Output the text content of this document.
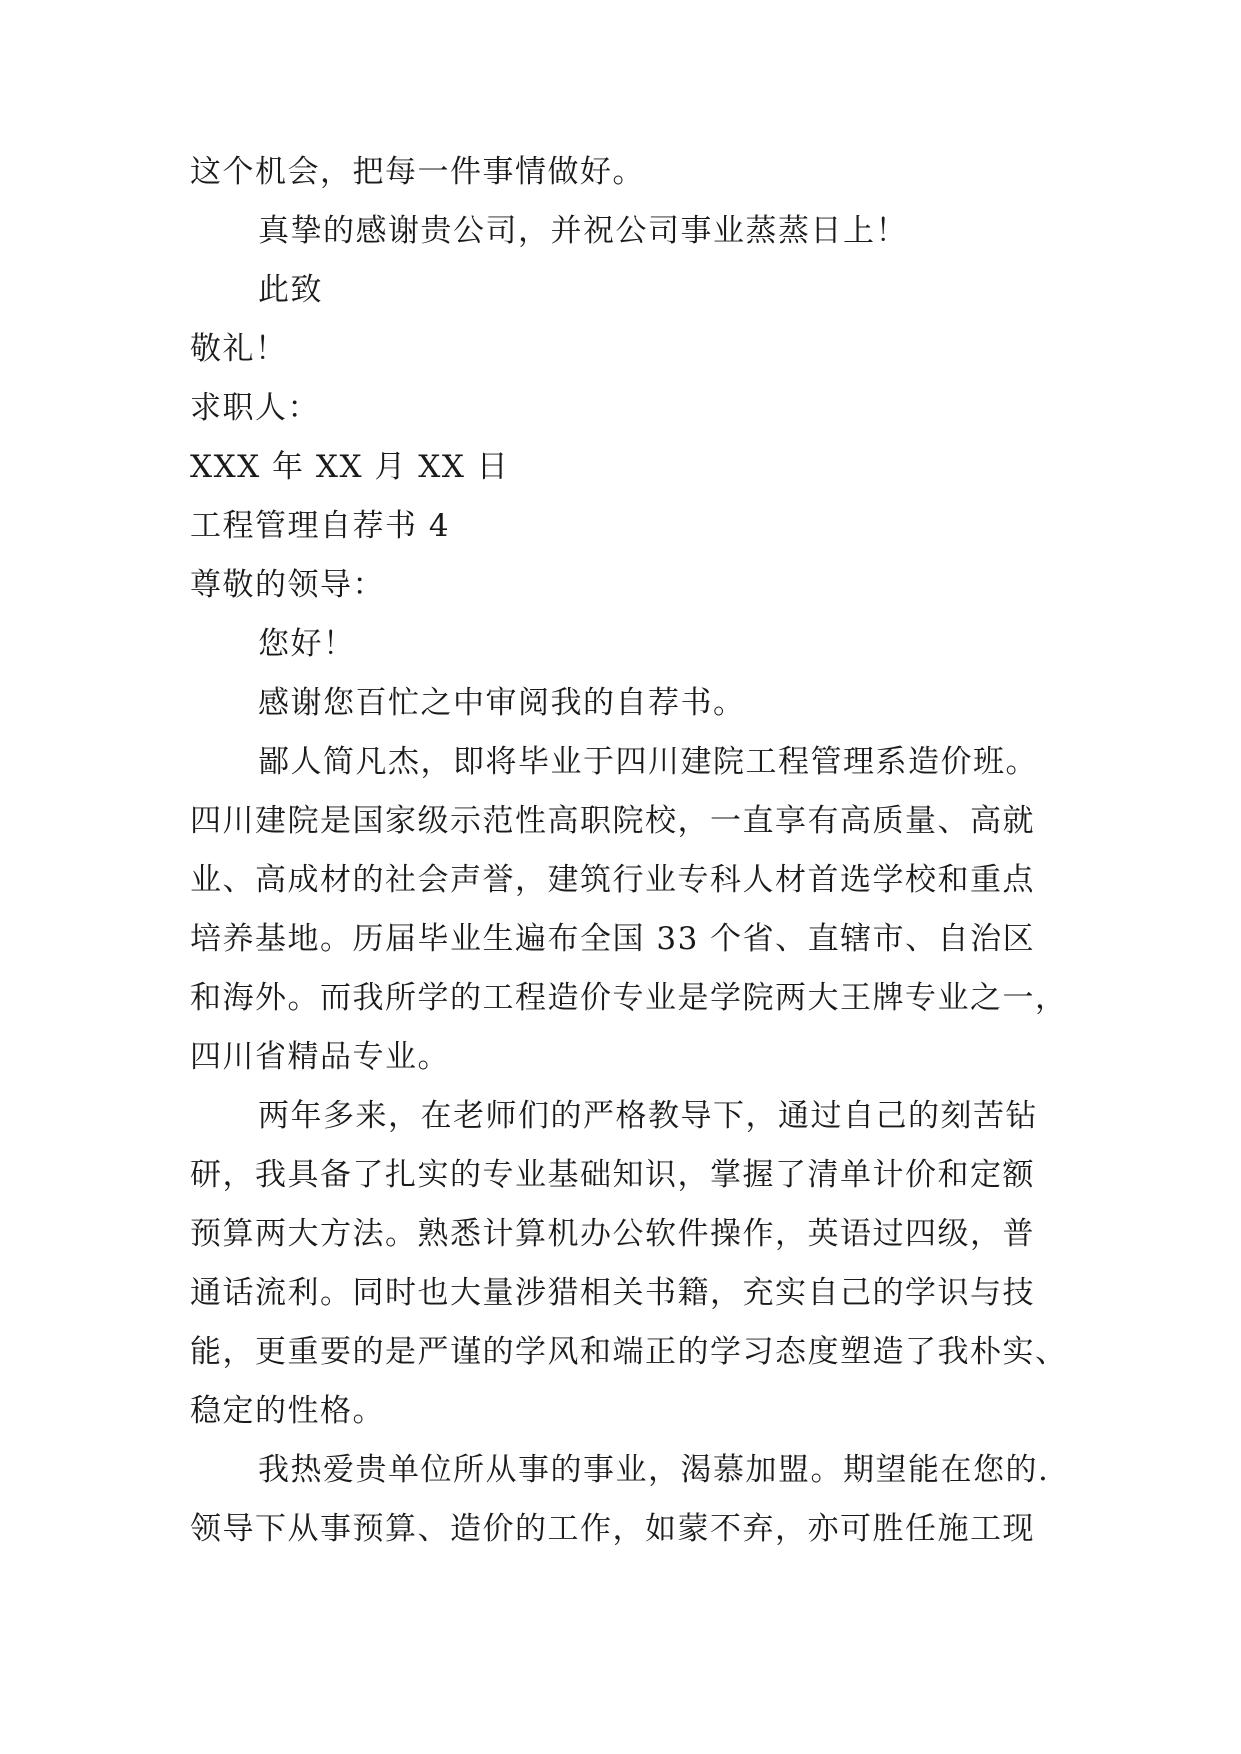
这个机会，把每一件事情做好。
真挚的感谢贵公司，并祝公司事业蒸蒸日上！
此致
敬礼！
求职人：
XXX 年 XX 月 XX 日
工程管理自荐书 4
尊敬的领导：
您好！
感谢您百忙之中审阅我的自荐书。
鄙人简凡杰，即将毕业于四川建院工程管理系造价班。
四川建院是国家级示范性高职院校，一直享有高质量、高就
业、高成材的社会声誉，建筑行业专科人材首选学校和重点
培养基地。历届毕业生遍布全国 33 个省、直辖市、自治区
和海外。而我所学的工程造价专业是学院两大王牌专业之一，
四川省精品专业。
两年多来，在老师们的严格教导下，通过自己的刻苦钻
研，我具备了扎实的专业基础知识，掌握了清单计价和定额
预算两大方法。熟悉计算机办公软件操作，英语过四级，普
通话流利。同时也大量涉猎相关书籍，充实自己的学识与技
能，更重要的是严谨的学风和端正的学习态度塑造了我朴实、
稳定的性格。
我热爱贵单位所从事的事业，渴慕加盟。期望能在您的.
领导下从事预算、造价的工作，如蒙不弃，亦可胜任施工现
